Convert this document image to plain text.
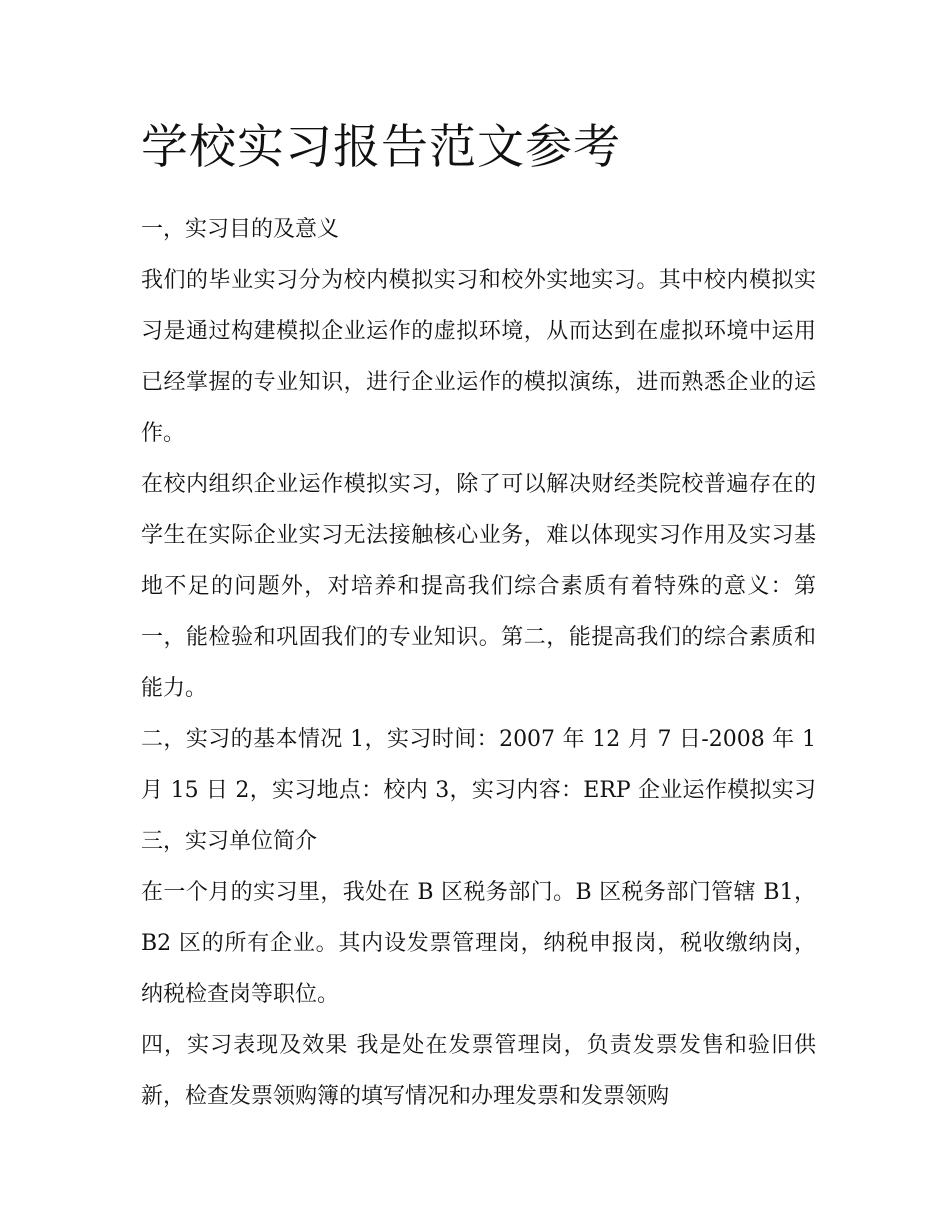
学校实习报告范文参考

一，实习目的及意义

我们的毕业实习分为校内模拟实习和校外实地实习。其中校内模拟实习是通过构建模拟企业运作的虚拟环境，从而达到在虚拟环境中运用已经掌握的专业知识，进行企业运作的模拟演练，进而熟悉企业的运作。

在校内组织企业运作模拟实习，除了可以解决财经类院校普遍存在的学生在实际企业实习无法接触核心业务，难以体现实习作用及实习基地不足的问题外，对培养和提高我们综合素质有着特殊的意义：第一，能检验和巩固我们的专业知识。第二，能提高我们的综合素质和能力。

二，实习的基本情况 1，实习时间：2007 年 12 月 7 日-2008 年 1 月 15 日 2，实习地点：校内 3，实习内容：ERP 企业运作模拟实习 三，实习单位简介

在一个月的实习里，我处在 B 区税务部门。B 区税务部门管辖 B1，B2 区的所有企业。其内设发票管理岗，纳税申报岗，税收缴纳岗，纳税检查岗等职位。

四，实习表现及效果 我是处在发票管理岗，负责发票发售和验旧供新，检查发票领购簿的填写情况和办理发票和发票领购
